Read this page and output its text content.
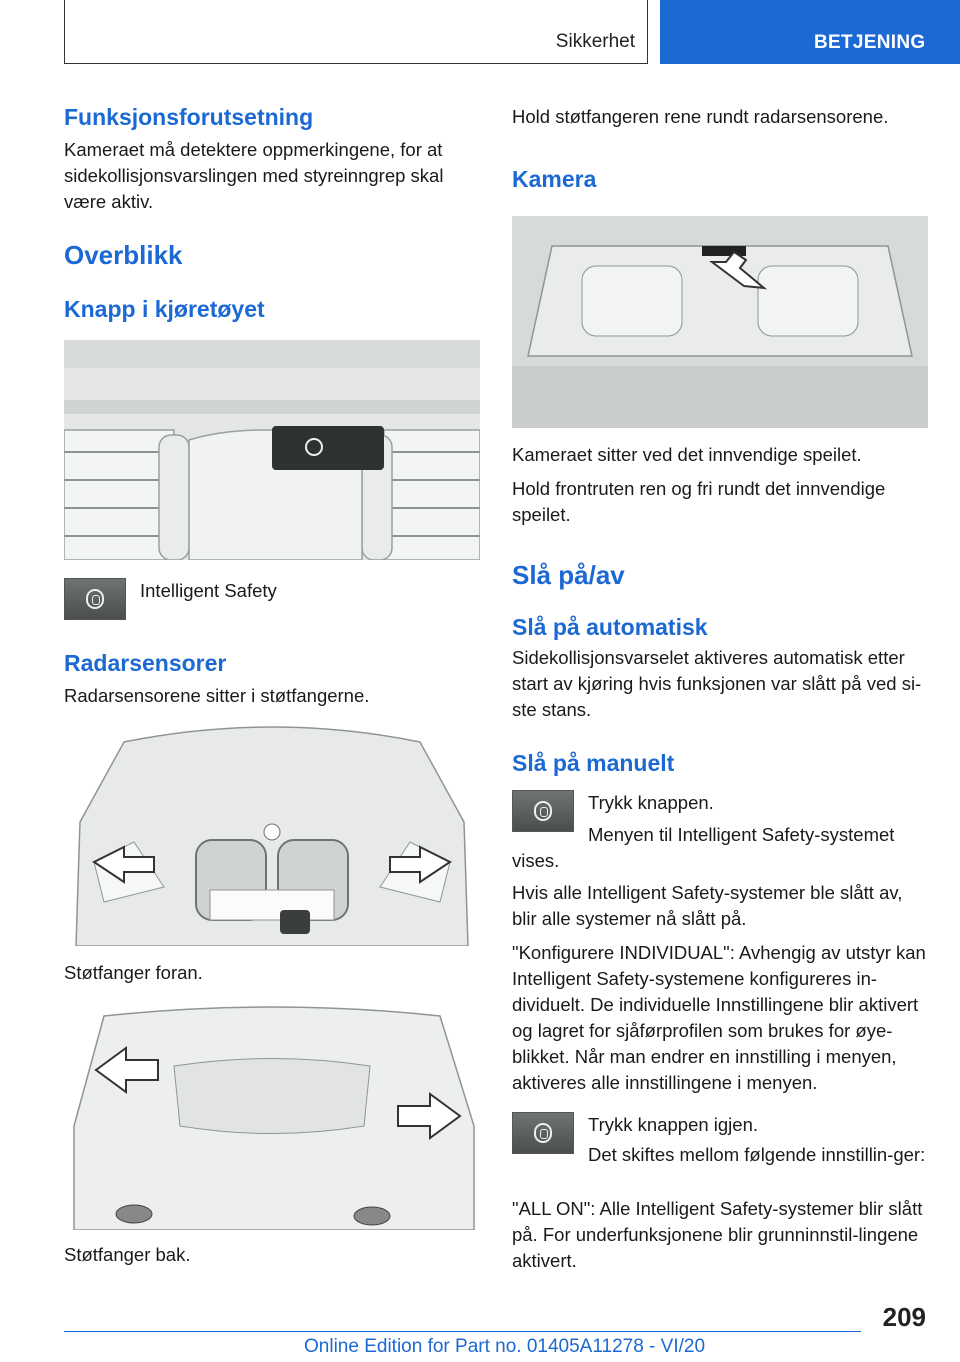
Sikkerhet	BETJENING
Funksjonsforutsetning

Kameraet må detektere oppmerkingene, for at sidekollisjonsvarslingen med styreinngrep skal være aktiv.

Overblikk
Knapp i kjøretøyet

Intelligent Safety

Radarsensorer

Radarsensorene sitter i støtfangerne.

Støtfanger foran.

Støtfanger bak.

Hold støtfangeren rene rundt radarsensorene.

Kamera

Kameraet sitter ved det innvendige speilet.

Hold frontruten ren og fri rundt det innvendige speilet.

Slå på/av
Slå på automatisk

Sidekollisjonsvarselet aktiveres automatisk etter start av kjøring hvis funksjonen var slått på ved si-ste stans.

Slå på manuelt

Trykk knappen.

Menyen til Intelligent Safety-systemet vises.

Hvis alle Intelligent Safety-systemer ble slått av, blir alle systemer nå slått på.

"Konfigurere INDIVIDUAL": Avhengig av utstyr kan Intelligent Safety-systemene konfigureres in-dividuelt. De individuelle Innstillingene blir aktivert og lagret for sjåførprofilen som brukes for øye-blikket. Når man endrer en innstilling i menyen, aktiveres alle innstillingene i menyen.

Trykk knappen igjen.

Det skiftes mellom følgende innstillin-ger:

"ALL ON": Alle Intelligent Safety-systemer blir slått på. For underfunksjonene blir grunninnstil-lingene aktivert.

209
Online Edition for Part no. 01405A11278 - VI/20
